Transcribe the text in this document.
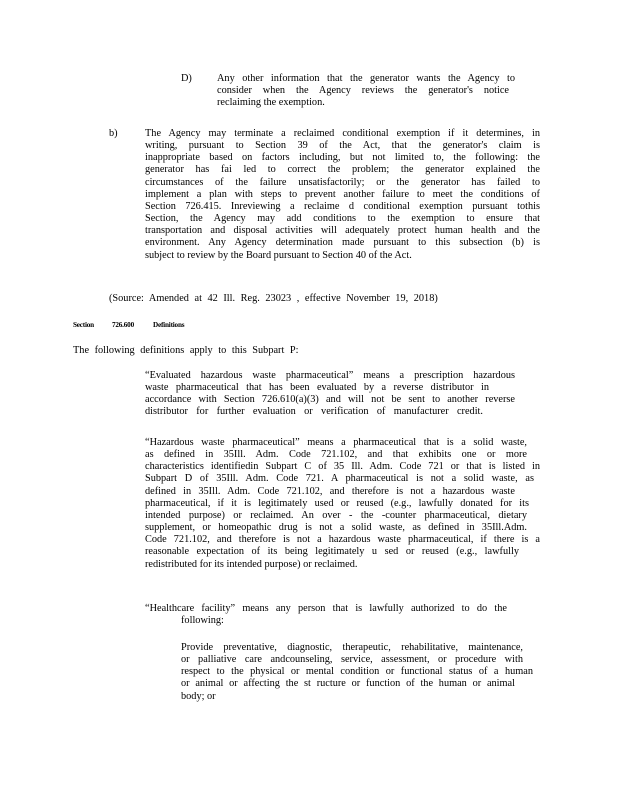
D) Any other information that the generator wants the Agency to
consider when the Agency reviews the generator's notice
reclaiming the exemption.
b)	The Agency may terminate a reclaimed conditional exemption if it determines, in
writing, pursuant to Section 39 of the Act, that the generator's claim is
inappropriate based on factors including, but not limited to, the following: the
generator has fai led to correct the problem; the generator explained the
circumstances of the failure unsatisfactorily; or the generator has failed to
implement a plan with steps to prevent another failure to meet the conditions of
Section 726.415. Inreviewing a reclaime d conditional exemption pursuant tothis
Section, the Agency may add conditions to the exemption to ensure that
transportation and disposal activities will adequately protect human health and the
environment. Any Agency determination made pursuant to this subsection (b) is
subject to review by the Board pursuant to Section 40 of the Act.
(Source: Amended at 42 Ill. Reg. 23023 , effective November 19, 2018)
Section	726.600	Definitions
The following definitions apply to this Subpart P:
“Evaluated hazardous waste pharmaceutical” means a prescription hazardous
waste pharmaceutical that has been evaluated by a reverse distributor in
accordance with Section 726.610(a)(3) and will not be sent to another reverse
distributor for further evaluation or verification of manufacturer credit.
“Hazardous waste pharmaceutical” means a pharmaceutical that is a solid waste,
as defined in 35Ill. Adm. Code 721.102, and that exhibits one or more
characteristics identifiedin Subpart C of 35 Ill. Adm. Code 721 or that is listed in
Subpart D of 35Ill. Adm. Code 721. A pharmaceutical is not a solid waste, as
defined in 35Ill. Adm. Code 721.102, and therefore is not a hazardous waste
pharmaceutical, if it is legitimately used or reused (e.g., lawfully donated for its
intended purpose) or reclaimed. An over - the -counter pharmaceutical, dietary
supplement, or homeopathic drug is not a solid waste, as defined in 35Ill.Adm.
Code 721.102, and therefore is not a hazardous waste pharmaceutical, if there is a
reasonable expectation of its being legitimately u sed or reused (e.g., lawfully
redistributed for its intended purpose) or reclaimed.
“Healthcare facility” means any person that is lawfully authorized to do the
following:
Provide preventative, diagnostic, therapeutic, rehabilitative, maintenance,
or palliative care andcounseling, service, assessment, or procedure with
respect to the physical or mental condition or functional status of a human
or animal or affecting the st ructure or function of the human or animal
body; or
